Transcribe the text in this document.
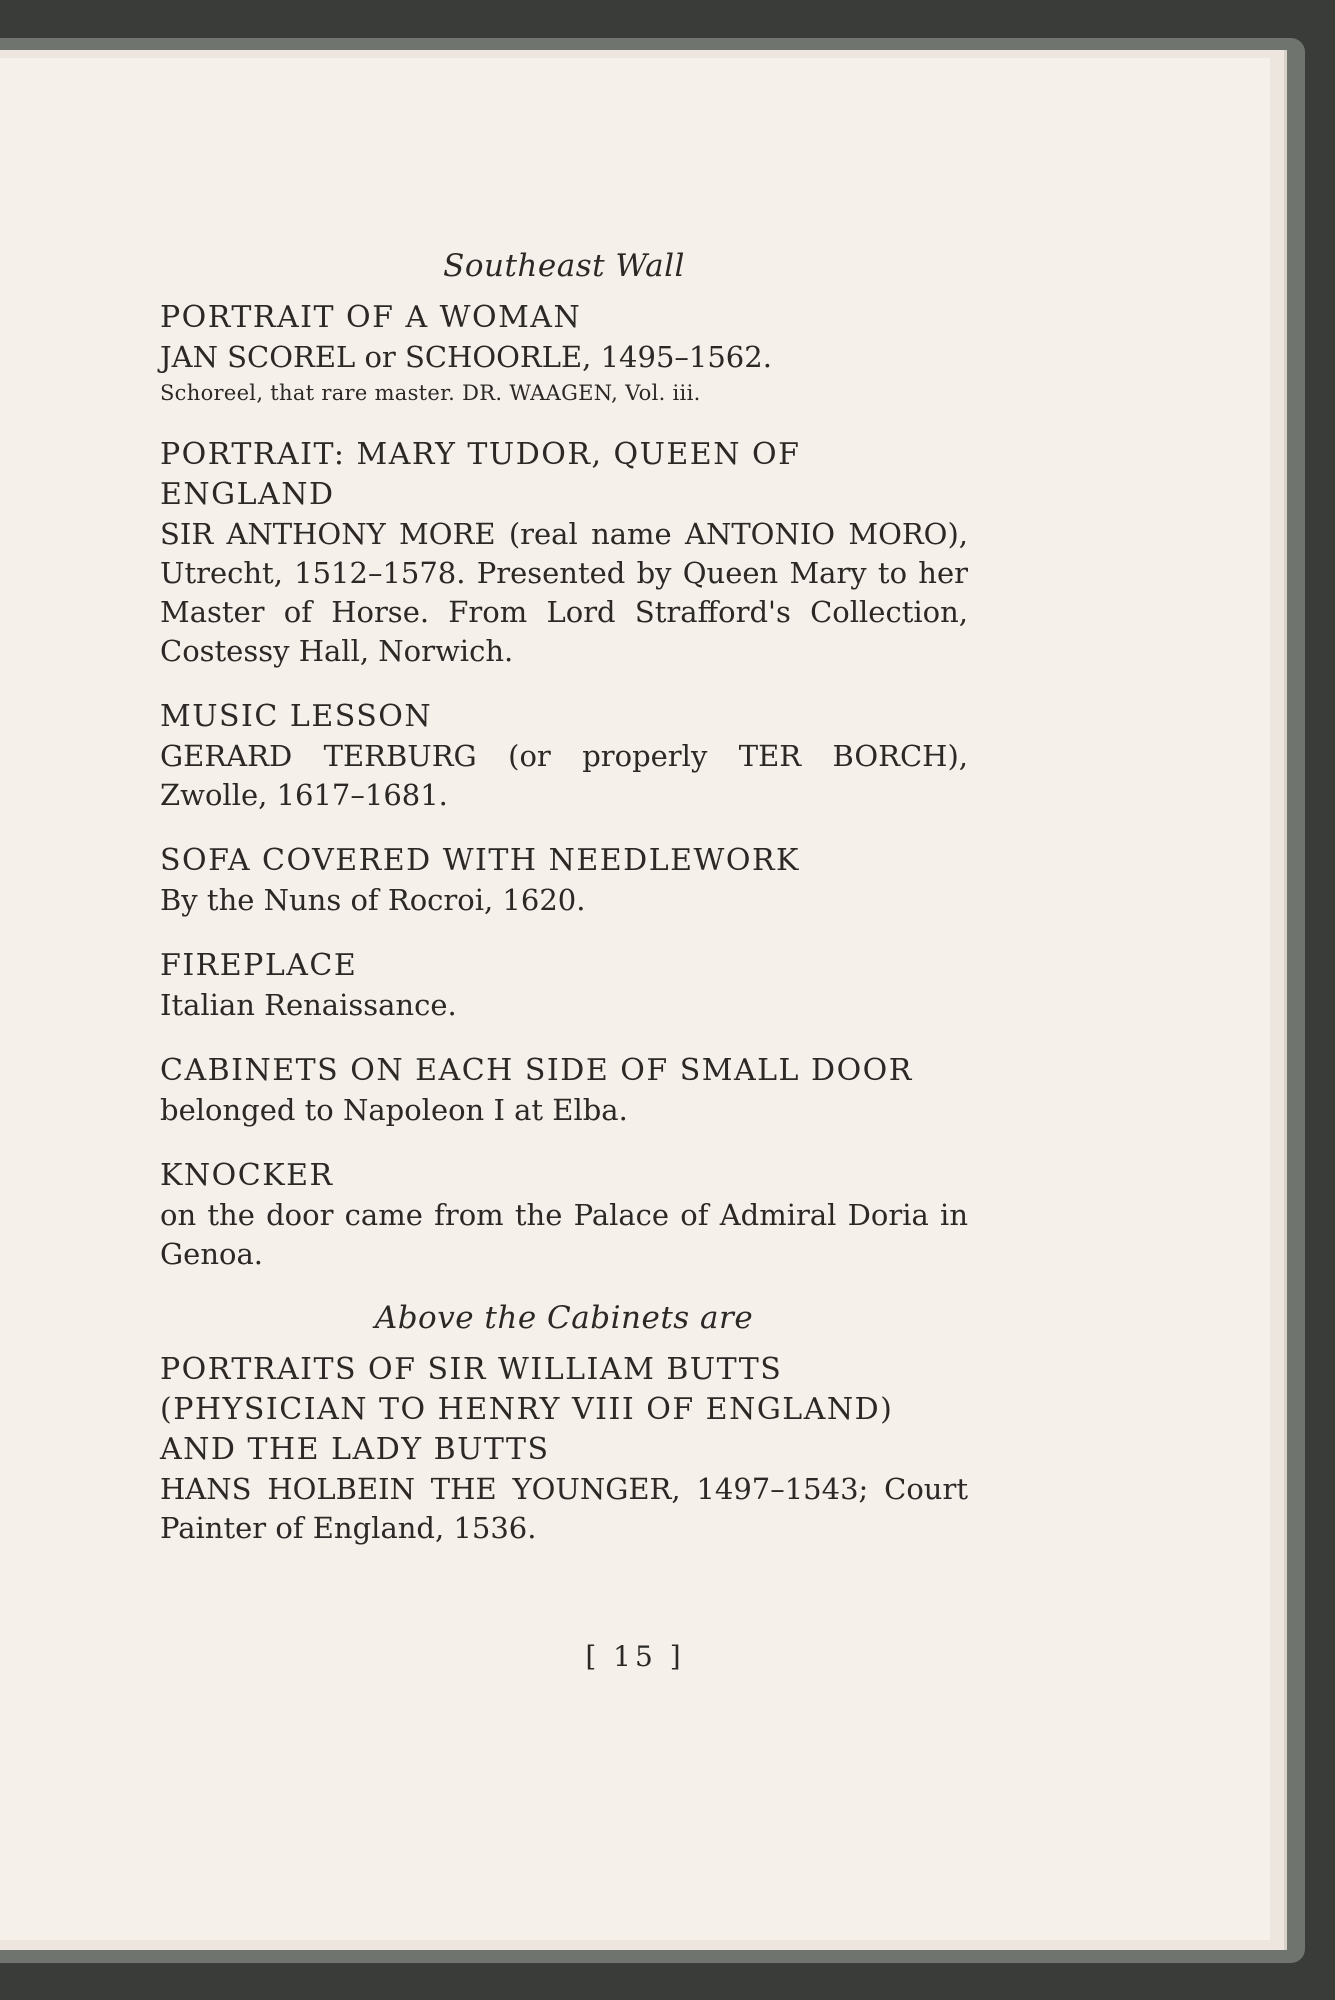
Southeast Wall
PORTRAIT OF A WOMAN
JAN SCOREL or SCHOORLE, 1495–1562.
Schoreel, that rare master. DR. WAAGEN, Vol. iii.
PORTRAIT: MARY TUDOR, QUEEN OF ENGLAND
SIR ANTHONY MORE (real name ANTONIO MORO), Utrecht, 1512–1578. Presented by Queen Mary to her Master of Horse. From Lord Strafford's Collection, Costessy Hall, Norwich.
MUSIC LESSON
GERARD TERBURG (or properly TER BORCH), Zwolle, 1617–1681.
SOFA COVERED WITH NEEDLEWORK
By the Nuns of Rocroi, 1620.
FIREPLACE
Italian Renaissance.
CABINETS ON EACH SIDE OF SMALL DOOR
belonged to Napoleon I at Elba.
KNOCKER
on the door came from the Palace of Admiral Doria in Genoa.
Above the Cabinets are
PORTRAITS OF SIR WILLIAM BUTTS (PHYSICIAN TO HENRY VIII OF ENGLAND) AND THE LADY BUTTS
HANS HOLBEIN THE YOUNGER, 1497–1543; Court Painter of England, 1536.
[ 15 ]
